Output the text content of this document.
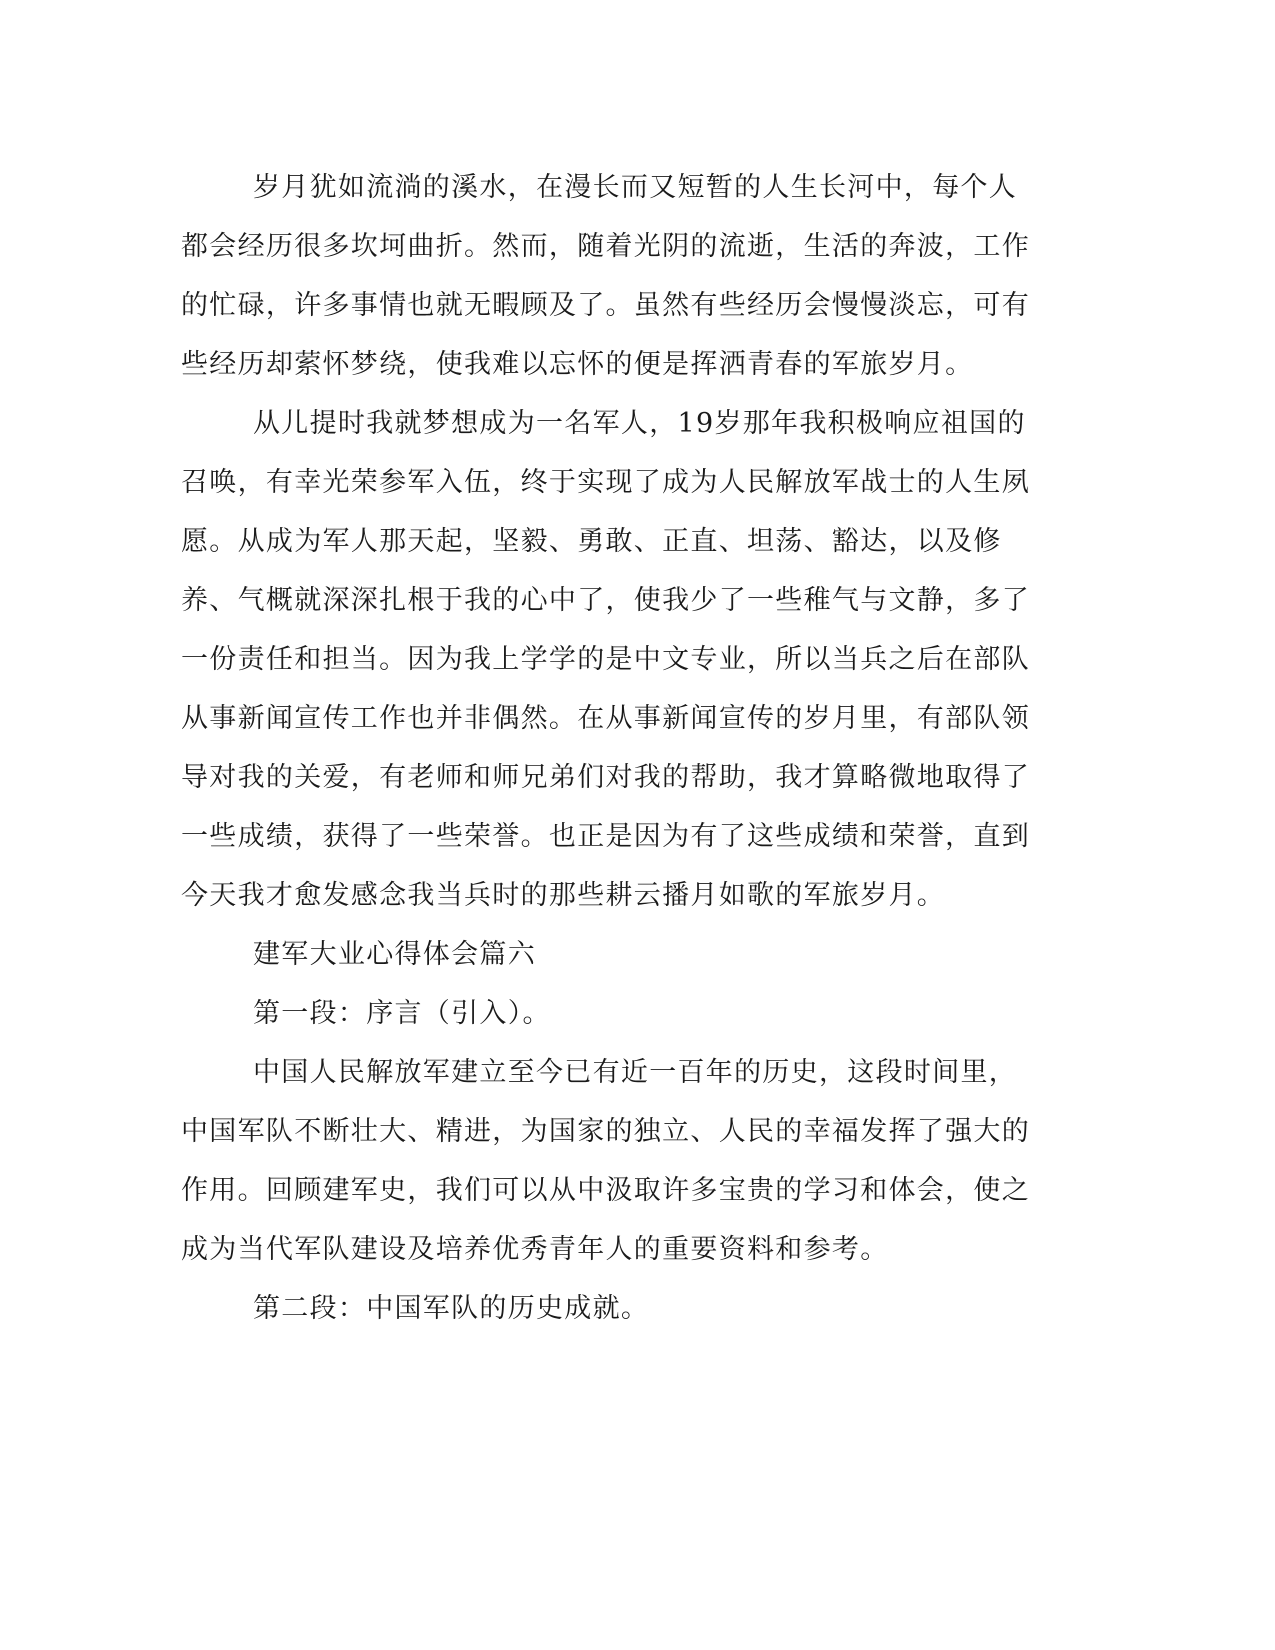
岁月犹如流淌的溪水，在漫长而又短暂的人生长河中，每个人都会经历很多坎坷曲折。然而，随着光阴的流逝，生活的奔波，工作的忙碌，许多事情也就无暇顾及了。虽然有些经历会慢慢淡忘，可有些经历却萦怀梦绕，使我难以忘怀的便是挥洒青春的军旅岁月。

从儿提时我就梦想成为一名军人，19岁那年我积极响应祖国的召唤，有幸光荣参军入伍，终于实现了成为人民解放军战士的人生夙愿。从成为军人那天起，坚毅、勇敢、正直、坦荡、豁达，以及修养、气概就深深扎根于我的心中了，使我少了一些稚气与文静，多了一份责任和担当。因为我上学学的是中文专业，所以当兵之后在部队从事新闻宣传工作也并非偶然。在从事新闻宣传的岁月里，有部队领导对我的关爱，有老师和师兄弟们对我的帮助，我才算略微地取得了一些成绩，获得了一些荣誉。也正是因为有了这些成绩和荣誉，直到今天我才愈发感念我当兵时的那些耕云播月如歌的军旅岁月。

建军大业心得体会篇六

第一段：序言（引入）。

中国人民解放军建立至今已有近一百年的历史，这段时间里，中国军队不断壮大、精进，为国家的独立、人民的幸福发挥了强大的作用。回顾建军史，我们可以从中汲取许多宝贵的学习和体会，使之成为当代军队建设及培养优秀青年人的重要资料和参考。

第二段：中国军队的历史成就。
